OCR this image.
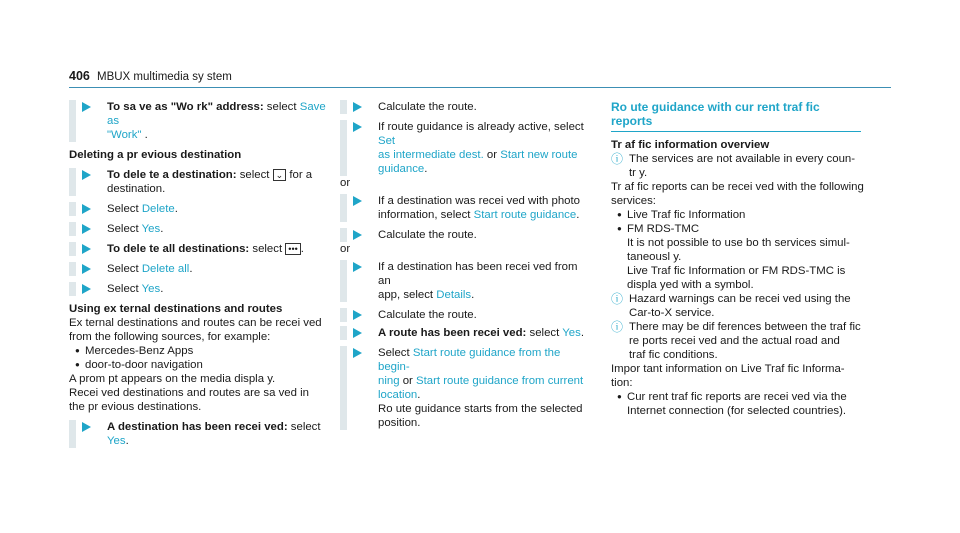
406 MBUX multimedia sy stem
To sa ve as "Wo rk" address: select Save as
"Work" .
Deleting a pr evious destination
To dele te a destination: select ⌄ for a
destination.
Select Delete.
Select Yes.
To dele te all destinations: select ••• .
Select Delete all.
Select Yes.
Using ex ternal destinations and routes
Ex ternal destinations and routes can be recei ved
from the following sources, for example:
● Mercedes-Benz Apps
● door-to-door navigation
A prom pt appears on the media displa y.
Recei ved destinations and routes are sa ved in
the pr evious destinations.
A destination has been recei ved: select
Yes.
Calculate the route.
If route guidance is already active, select Set
as intermediate dest. or Start new route
guidance.
or
If a destination was recei ved with photo
information, select Start route guidance.
Calculate the route.
or
If a destination has been recei ved from an
app, select Details.
Calculate the route.
A route has been recei ved: select Yes.
Select Start route guidance from the begin-
ning or Start route guidance from current
location.
Ro ute guidance starts from the selected
position.
Ro ute guidance with cur rent traf fic reports
Tr af fic information overview
ⓘ The services are not available in every coun-
tr y.
Tr af fic reports can be recei ved with the following
services:
● Live Traf fic Information
● FM RDS-TMC
It is not possible to use bo th services simul-
taneousl y.
Live Traf fic Information or FM RDS-TMC is
displa yed with a symbol.
ⓘ Hazard warnings can be recei ved using the
Car-to-X service.
ⓘ There may be dif ferences between the traf fic
re ports recei ved and the actual road and
traf fic conditions.
Impor tant information on Live Traf fic Informa-
tion:
● Cur rent traf fic reports are recei ved via the
Internet connection (for selected countries).
